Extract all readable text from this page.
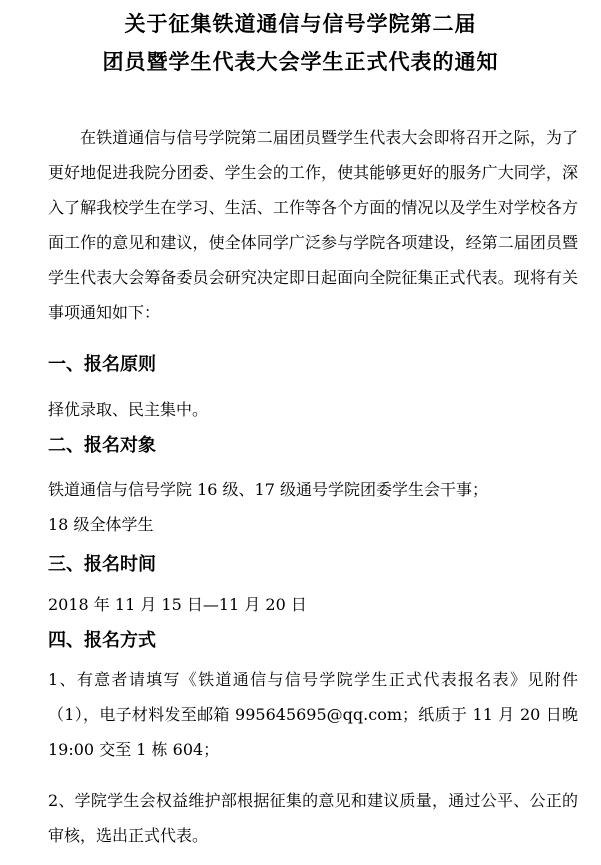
关于征集铁道通信与信号学院第二届
团员暨学生代表大会学生正式代表的通知
在铁道通信与信号学院第二届团员暨学生代表大会即将召开之际，为了更好地促进我院分团委、学生会的工作，使其能够更好的服务广大同学，深入了解我校学生在学习、生活、工作等各个方面的情况以及学生对学校各方面工作的意见和建议，使全体同学广泛参与学院各项建设，经第二届团员暨学生代表大会筹备委员会研究决定即日起面向全院征集正式代表。现将有关事项通知如下：
一、报名原则
择优录取、民主集中。
二、报名对象
铁道通信与信号学院 16 级、17 级通号学院团委学生会干事；
18 级全体学生
三、报名时间
2018 年 11 月 15 日—11 月 20 日
四、报名方式
1、有意者请填写《铁道通信与信号学院学生正式代表报名表》见附件（1），电子材料发至邮箱 995645695@qq.com；纸质于 11 月 20 日晚 19:00 交至 1 栋 604；
2、学院学生会权益维护部根据征集的意见和建议质量，通过公平、公正的审核，选出正式代表。
